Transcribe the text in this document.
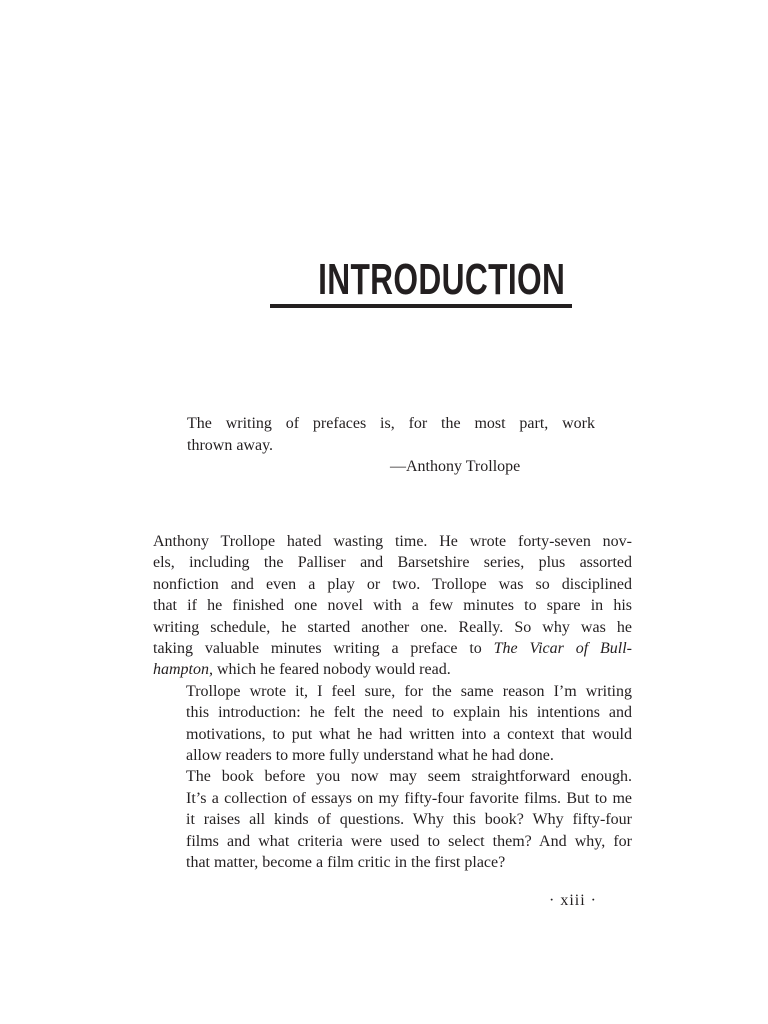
INTRODUCTION

The writing of prefaces is, for the most part, work
thrown away.

—Anthony Trollope

Anthony Trollope hated wasting time. He wrote forty-seven nov-
els, including the Palliser and Barsetshire series, plus assorted
nonfiction and even a play or two. Trollope was so disciplined
that if he finished one novel with a few minutes to spare in his
writing schedule, he started another one. Really. So why was he
taking valuable minutes writing a preface to The Vicar of Bull-
hampton, which he feared nobody would read.

Trollope wrote it, I feel sure, for the same reason I’m writing
this introduction: he felt the need to explain his intentions and
motivations, to put what he had written into a context that would
allow readers to more fully understand what he had done.

The book before you now may seem straightforward enough.
It’s a collection of essays on my fifty-four favorite films. But to me
it raises all kinds of questions. Why this book? Why fifty-four
films and what criteria were used to select them? And why, for
that matter, become a film critic in the first place?

· xiii ·
